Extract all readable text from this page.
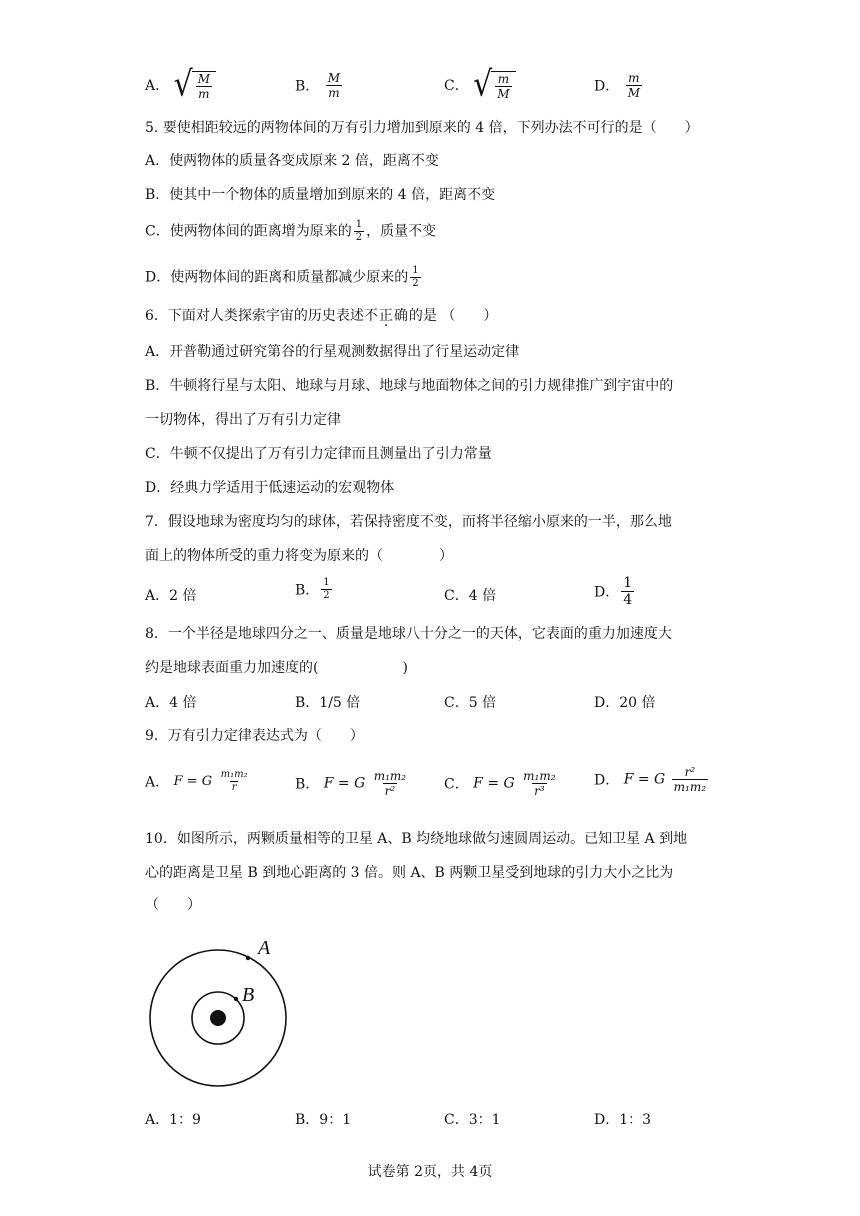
A． √ $\frac{M}{m}$	B． $\frac{M}{m}$	C． √ $\frac{m}{M}$	D． $\frac{m}{M}$
5. 要使相距较远的两物体间的万有引力增加到原来的 4 倍，下列办法不可行的是（　　）
A．使两物体的质量各变成原来 2 倍，距离不变
B．使其中一个物体的质量增加到原来的 4 倍，距离不变
C．使两物体间的距离增为原来的 $\frac{1}{2}$ ，质量不变
D．使两物体间的距离和质量都减少原来的 $\frac{1}{2}$
6．下面对人类探索宇宙的历史表述不正确的是 （　　）
A．开普勒通过研究第谷的行星观测数据得出了行星运动定律
B．牛顿将行星与太阳、地球与月球、地球与地面物体之间的引力规律推广到宇宙中的
一切物体，得出了万有引力定律
C．牛顿不仅提出了万有引力定律而且测量出了引力常量
D．经典力学适用于低速运动的宏观物体
7．假设地球为密度均匀的球体，若保持密度不变，而将半径缩小原来的一半，那么地
面上的物体所受的重力将变为原来的（　　　　）
A．2 倍	B． $\frac{1}{2}$	C．4 倍	D． $\frac{1}{4}$
8．一个半径是地球四分之一、质量是地球八十分之一的天体，它表面的重力加速度大
约是地球表面重力加速度的(　　　　　　)
A．4 倍	B．1/5 倍	C．5 倍	D．20 倍
9．万有引力定律表达式为（　　）
A． F = G $\frac{\text{m₁m₂}}{r}$	B． F = G $\frac{\text{m₁m₂}}{\text{r²}}$	C． F = G $\frac{\text{m₁m₂}}{\text{r³}}$	D． F = G $\frac{\text{r²}}{\text{m₁m₂}}$
10．如图所示，两颗质量相等的卫星 A、B 均绕地球做匀速圆周运动。已知卫星 A 到地
心的距离是卫星 B 到地心距离的 3 倍。则 A、B 两颗卫星受到地球的引力大小之比为
（　　）
A
B
A．1：9	B．9：1	C．3：1	D．1：3
试卷第 2页，共 4页
